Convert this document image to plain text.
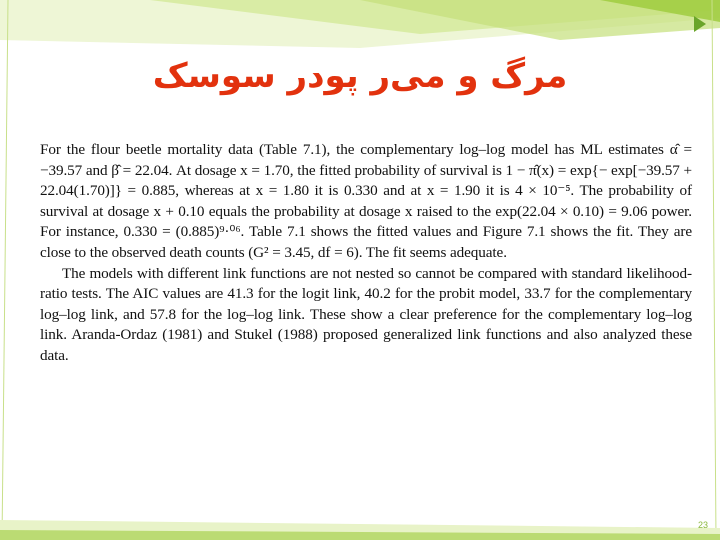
مرگ و می‌ر پودر سوسک

For the flour beetle mortality data (Table 7.1), the complementary log–log model has ML estimates α̂ = −39.57 and β̂ = 22.04. At dosage x = 1.70, the fitted probability of survival is 1 − π̂(x) = exp{− exp[−39.57 + 22.04(1.70)]} = 0.885, whereas at x = 1.80 it is 0.330 and at x = 1.90 it is 4 × 10⁻⁵. The probability of survival at dosage x + 0.10 equals the probability at dosage x raised to the exp(22.04 × 0.10) = 9.06 power. For instance, 0.330 = (0.885)⁹·⁰⁶. Table 7.1 shows the fitted values and Figure 7.1 shows the fit. They are close to the observed death counts (G² = 3.45, df = 6). The fit seems adequate.

The models with different link functions are not nested so cannot be compared with standard likelihood-ratio tests. The AIC values are 41.3 for the logit link, 40.2 for the probit model, 33.7 for the complementary log–log link, and 57.8 for the log–log link. These show a clear preference for the complementary log–log link. Aranda-Ordaz (1981) and Stukel (1988) proposed generalized link functions and also analyzed these data.

23
